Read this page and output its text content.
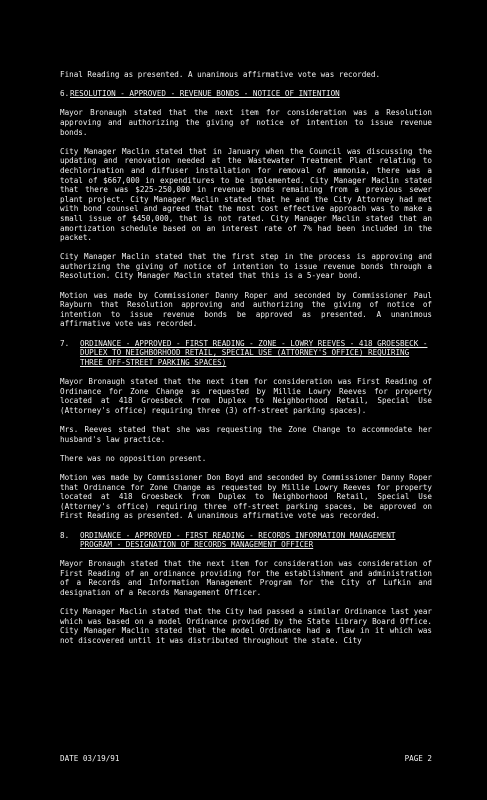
Final Reading as presented. A unanimous affirmative vote was recorded.

6. RESOLUTION - APPROVED - REVENUE BONDS - NOTICE OF INTENTION

Mayor Bronaugh stated that the next item for consideration was a Resolution approving and authorizing the giving of notice of intention to issue revenue bonds.

City Manager Maclin stated that in January when the Council was discussing the updating and renovation needed at the Wastewater Treatment Plant relating to dechlorination and diffuser installation for removal of ammonia, there was a total of $667,000 in expenditures to be implemented. City Manager Maclin stated that there was $225-250,000 in revenue bonds remaining from a previous sewer plant project. City Manager Maclin stated that he and the City Attorney had met with bond counsel and agreed that the most cost effective approach was to make a small issue of $450,000, that is not rated. City Manager Maclin stated that an amortization schedule based on an interest rate of 7% had been included in the packet.

City Manager Maclin stated that the first step in the process is approving and authorizing the giving of notice of intention to issue revenue bonds through a Resolution. City Manager Maclin stated that this is a 5-year bond.

Motion was made by Commissioner Danny Roper and seconded by Commissioner Paul Rayburn that Resolution approving and authorizing the giving of notice of intention to issue revenue bonds be approved as presented. A unanimous affirmative vote was recorded.

7.	ORDINANCE - APPROVED - FIRST READING - ZONE - LOWRY REEVES - 418 GROESBECK - DUPLEX TO NEIGHBORHOOD RETAIL, SPECIAL USE (ATTORNEY'S OFFICE) REQUIRING THREE OFF-STREET PARKING SPACES)

Mayor Bronaugh stated that the next item for consideration was First Reading of Ordinance for Zone Change as requested by Millie Lowry Reeves for property located at 418 Groesbeck from Duplex to Neighborhood Retail, Special Use (Attorney's office) requiring three (3) off-street parking spaces).

Mrs. Reeves stated that she was requesting the Zone Change to accommodate her husband's law practice.

There was no opposition present.

Motion was made by Commissioner Don Boyd and seconded by Commissioner Danny Roper that Ordinance for Zone Change as requested by Millie Lowry Reeves for property located at 418 Groesbeck from Duplex to Neighborhood Retail, Special Use (Attorney's office) requiring three off-street parking spaces, be approved on First Reading as presented. A unanimous affirmative vote was recorded.

8.	ORDINANCE - APPROVED - FIRST READING - RECORDS INFORMATION MANAGEMENT PROGRAM - DESIGNATION OF RECORDS MANAGEMENT OFFICER

Mayor Bronaugh stated that the next item for consideration was consideration of First Reading of an ordinance providing for the establishment and administration of a Records and Information Management Program for the City of Lufkin and designation of a Records Management Officer.

City Manager Maclin stated that the City had passed a similar Ordinance last year which was based on a model Ordinance provided by the State Library Board Office. City Manager Maclin stated that the model Ordinance had a flaw in it which was not discovered until it was distributed throughout the state. City

DATE 03/19/91	PAGE 2
